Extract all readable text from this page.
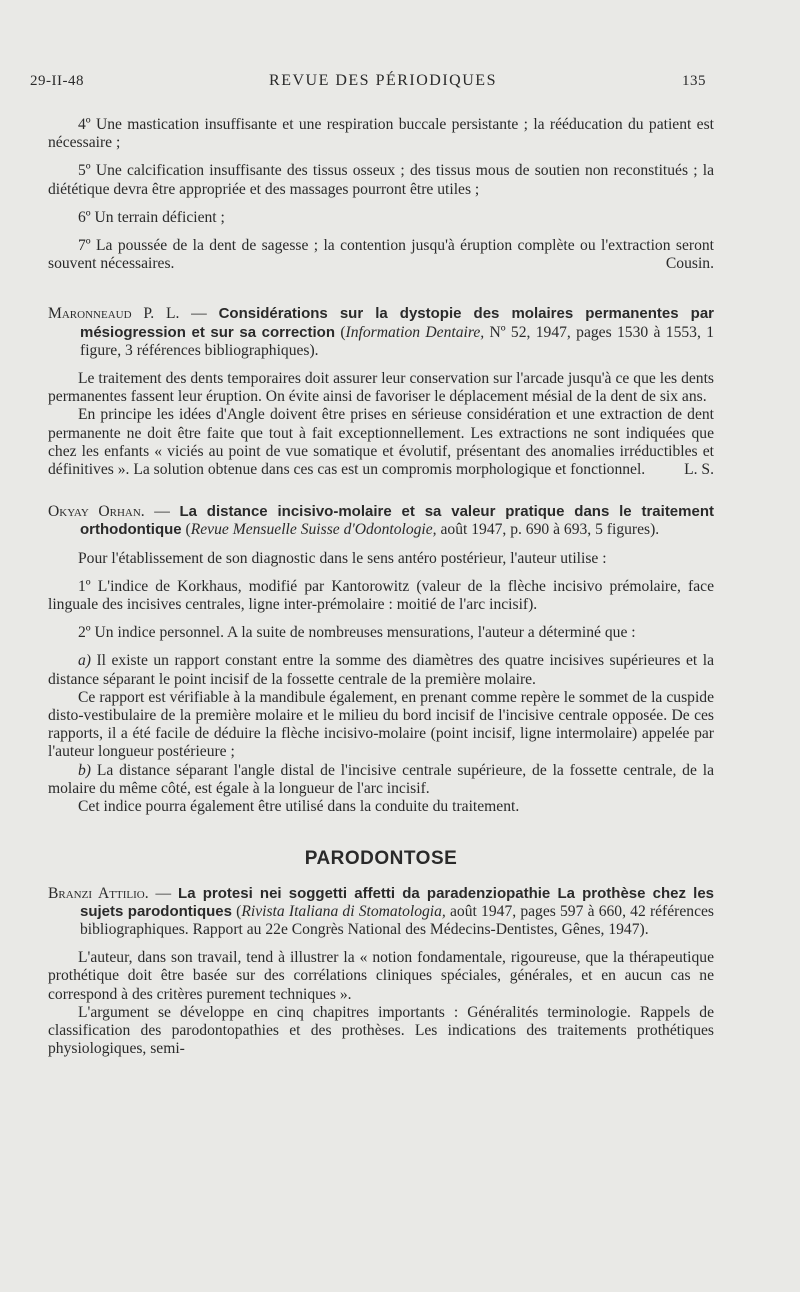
29-II-48	REVUE DES PÉRIODIQUES	135

4º Une mastication insuffisante et une respiration buccale persistante ; la rééducation du patient est nécessaire ;

5º Une calcification insuffisante des tissus osseux ; des tissus mous de soutien non reconstitués ; la diététique devra être appropriée et des massages pourront être utiles ;

6º Un terrain déficient ;

7º La poussée de la dent de sagesse ; la contention jusqu'à éruption complète ou l'extraction seront souvent nécessaires.	Cousin.

Maronneaud P. L. — Considérations sur la dystopie des molaires permanentes par mésiogression et sur sa correction (Information Dentaire, Nº 52, 1947, pages 1530 à 1553, 1 figure, 3 références bibliographiques).

Le traitement des dents temporaires doit assurer leur conservation sur l'arcade jusqu'à ce que les dents permanentes fassent leur éruption. On évite ainsi de favoriser le déplacement mésial de la dent de six ans.

En principe les idées d'Angle doivent être prises en sérieuse considération et une extraction de dent permanente ne doit être faite que tout à fait exceptionnellement. Les extractions ne sont indiquées que chez les enfants « viciés au point de vue somatique et évolutif, présentant des anomalies irréductibles et définitives ». La solution obtenue dans ces cas est un compromis morphologique et fonctionnel.	L. S.

Okyay Orhan. — La distance incisivo-molaire et sa valeur pratique dans le traitement orthodontique (Revue Mensuelle Suisse d'Odontologie, août 1947, p. 690 à 693, 5 figures).

Pour l'établissement de son diagnostic dans le sens antéro postérieur, l'auteur utilise :

1º L'indice de Korkhaus, modifié par Kantorowitz (valeur de la flèche incisivo prémolaire, face linguale des incisives centrales, ligne inter-prémolaire : moitié de l'arc incisif).

2º Un indice personnel. A la suite de nombreuses mensurations, l'auteur a déterminé que :

a) Il existe un rapport constant entre la somme des diamètres des quatre incisives supérieures et la distance séparant le point incisif de la fossette centrale de la première molaire.

Ce rapport est vérifiable à la mandibule également, en prenant comme repère le sommet de la cuspide disto-vestibulaire de la première molaire et le milieu du bord incisif de l'incisive centrale opposée. De ces rapports, il a été facile de déduire la flèche incisivo-molaire (point incisif, ligne intermolaire) appelée par l'auteur longueur postérieure ;

b) La distance séparant l'angle distal de l'incisive centrale supérieure, de la fossette centrale, de la molaire du même côté, est égale à la longueur de l'arc incisif.

Cet indice pourra également être utilisé dans la conduite du traitement.

PARODONTOSE

Branzi Attilio. — La protesi nei soggetti affetti da paradenziopathie La prothèse chez les sujets parodontiques (Rivista Italiana di Stomatologia, août 1947, pages 597 à 660, 42 références bibliographiques. Rapport au 22e Congrès National des Médecins-Dentistes, Gênes, 1947).

L'auteur, dans son travail, tend à illustrer la « notion fondamentale, rigoureuse, que la thérapeutique prothétique doit être basée sur des corrélations cliniques spéciales, générales, et en aucun cas ne correspond à des critères purement techniques ».

L'argument se développe en cinq chapitres importants : Généralités terminologie. Rappels de classification des parodontopathies et des prothèses. Les indications des traitements prothétiques physiologiques, semi-
